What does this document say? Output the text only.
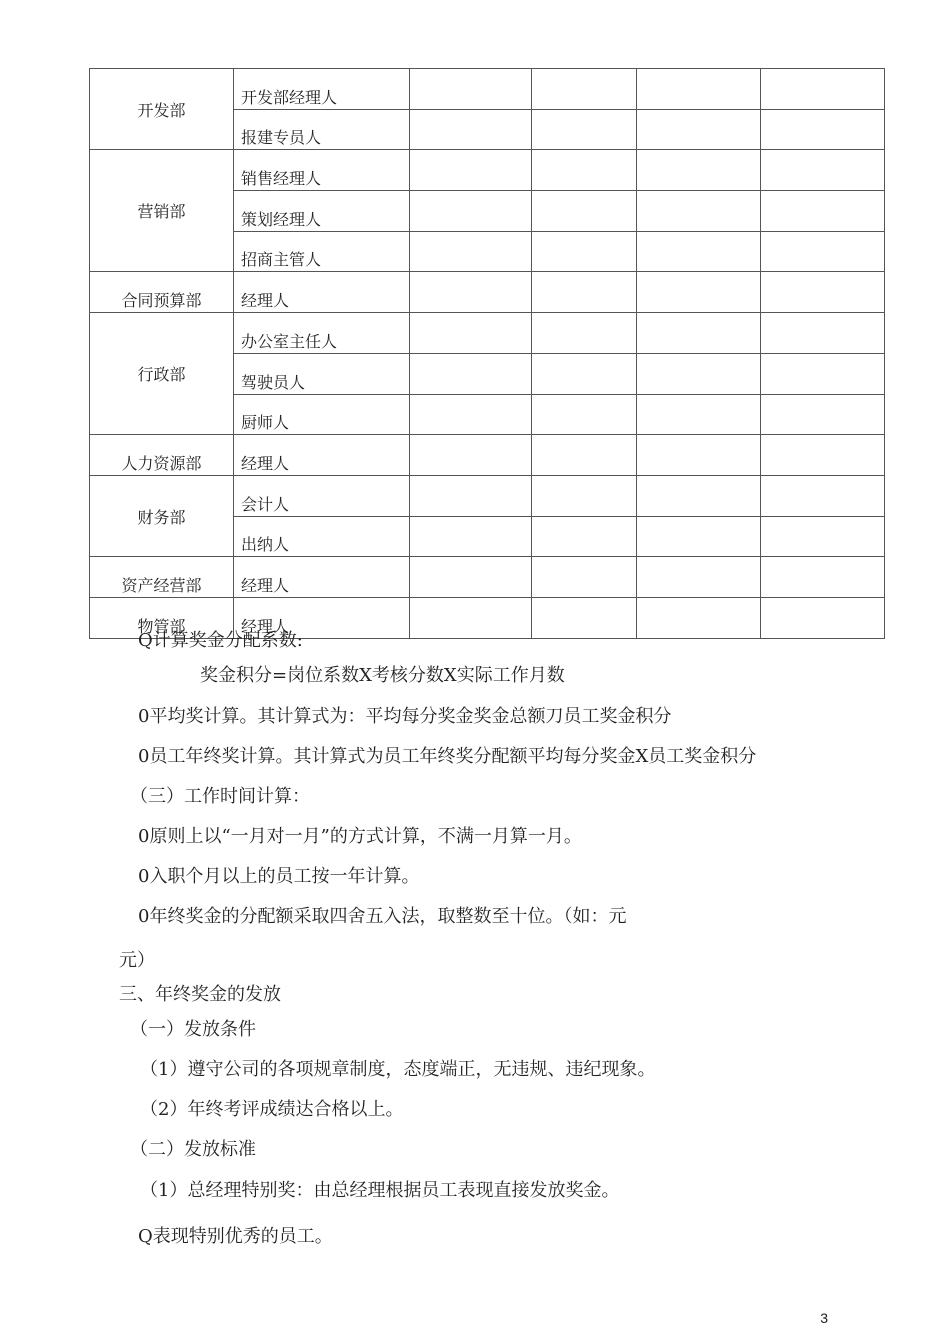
开发部	开发部经理人				
	报建专员人				
营销部	销售经理人				
	策划经理人				
	招商主管人				
合同预算部	经理人				
行政部	办公室主任人				
	驾驶员人				
	厨师人				
人力资源部	经理人				
财务部	会计人				
	出纳人				
资产经营部	经理人				
物管部	经理人				
Q计算奖金分配系数:
奖金积分=岗位系数X考核分数X实际工作月数
0平均奖计算。其计算式为：平均每分奖金奖金总额刀员工奖金积分
0员工年终奖计算。其计算式为员工年终奖分配额平均每分奖金X员工奖金积分
（三）工作时间计算：
0原则上以“一月对一月”的方式计算，不满一月算一月。
0入职个月以上的员工按一年计算。
0年终奖金的分配额采取四舍五入法，取整数至十位。（如：元
元）
三、年终奖金的发放
（一）发放条件
（1）遵守公司的各项规章制度，态度端正，无违规、违纪现象。
（2）年终考评成绩达合格以上。
（二）发放标准
（1）总经理特别奖：由总经理根据员工表现直接发放奖金。
Q表现特别优秀的员工。
3
